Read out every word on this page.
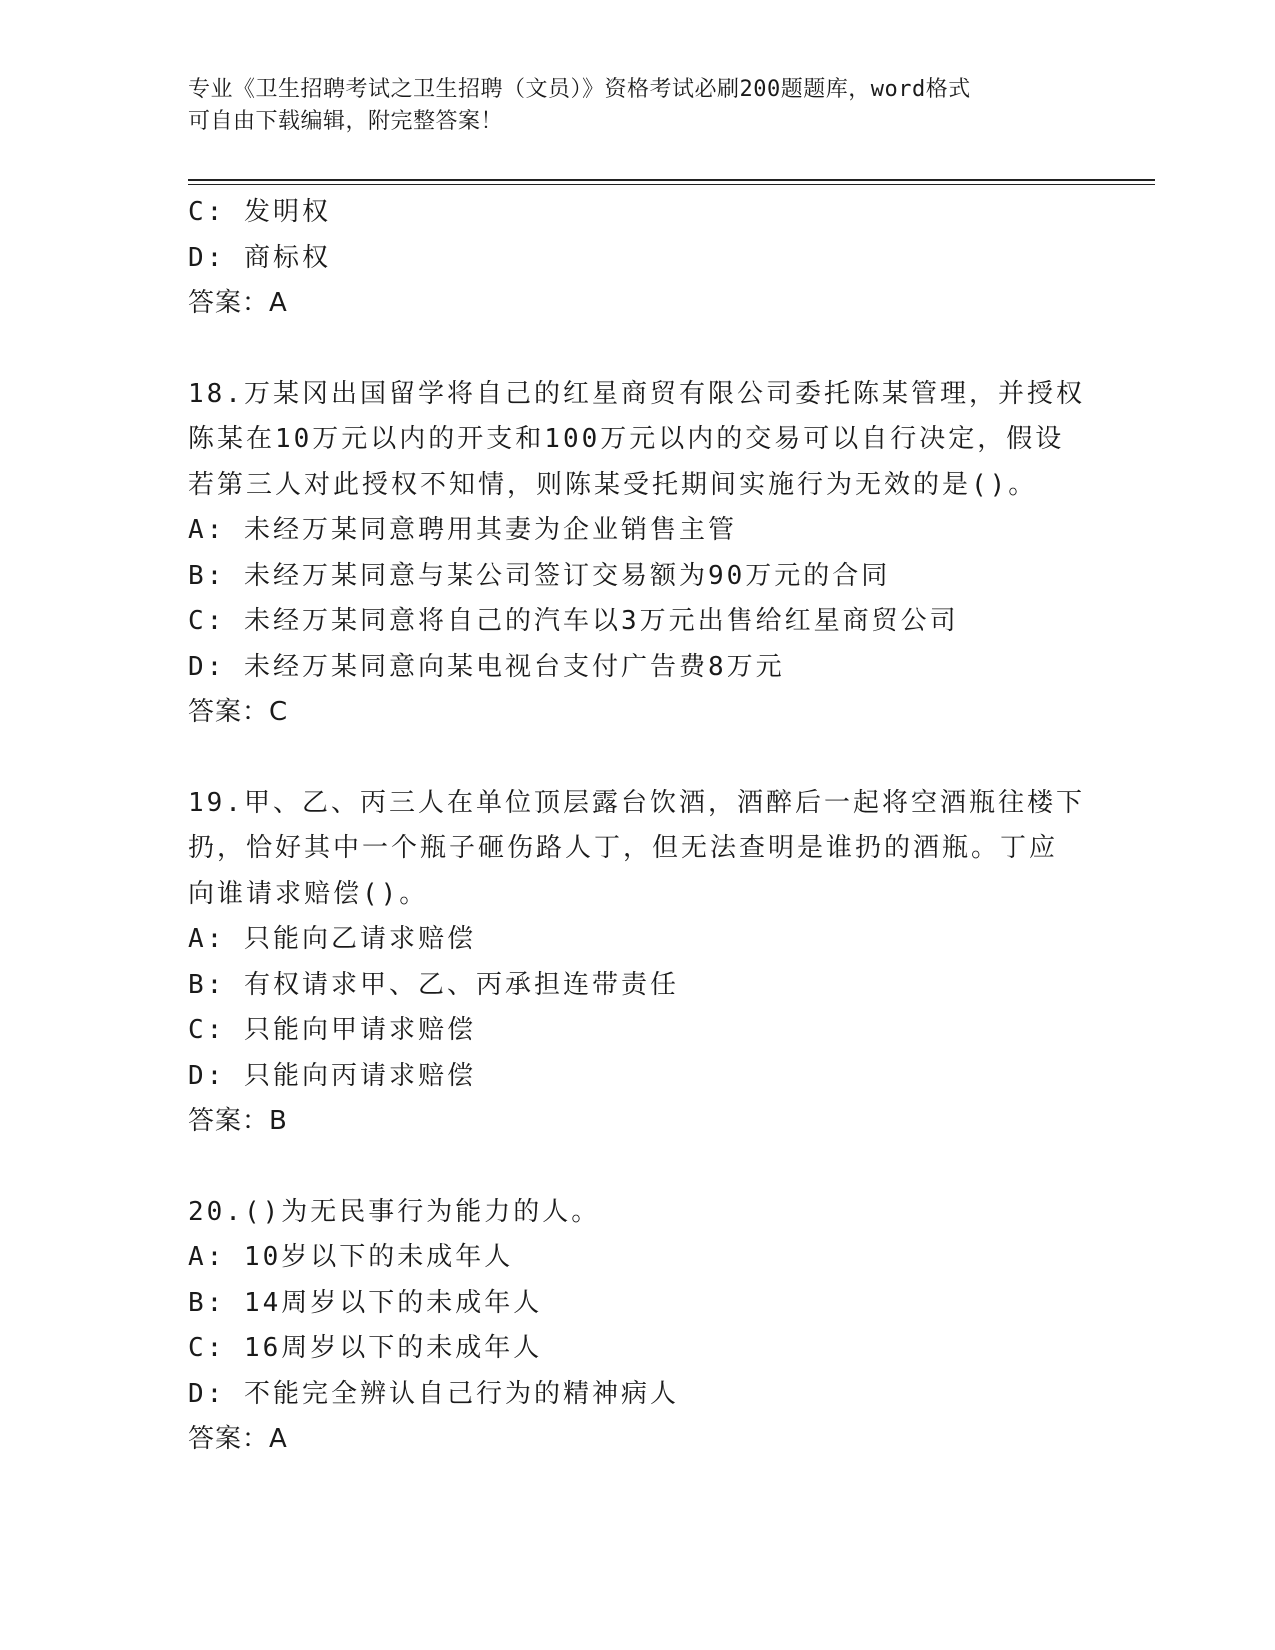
专业《卫生招聘考试之卫生招聘（文员）》资格考试必刷200题题库，word格式
可自由下载编辑，附完整答案！
C: 发明权
D: 商标权
答案：A
18.万某冈出国留学将自己的红星商贸有限公司委托陈某管理，并授权
陈某在10万元以内的开支和100万元以内的交易可以自行决定，假设
若第三人对此授权不知情，则陈某受托期间实施行为无效的是()。
A: 未经万某同意聘用其妻为企业销售主管
B: 未经万某同意与某公司签订交易额为90万元的合同
C: 未经万某同意将自己的汽车以3万元出售给红星商贸公司
D: 未经万某同意向某电视台支付广告费8万元
答案：C
19.甲、乙、丙三人在单位顶层露台饮酒，酒醉后一起将空酒瓶往楼下
扔，恰好其中一个瓶子砸伤路人丁，但无法查明是谁扔的酒瓶。丁应
向谁请求赔偿()。
A: 只能向乙请求赔偿
B: 有权请求甲、乙、丙承担连带责任
C: 只能向甲请求赔偿
D: 只能向丙请求赔偿
答案：B
20.()为无民事行为能力的人。
A: 10岁以下的未成年人
B: 14周岁以下的未成年人
C: 16周岁以下的未成年人
D: 不能完全辨认自己行为的精神病人
答案：A
